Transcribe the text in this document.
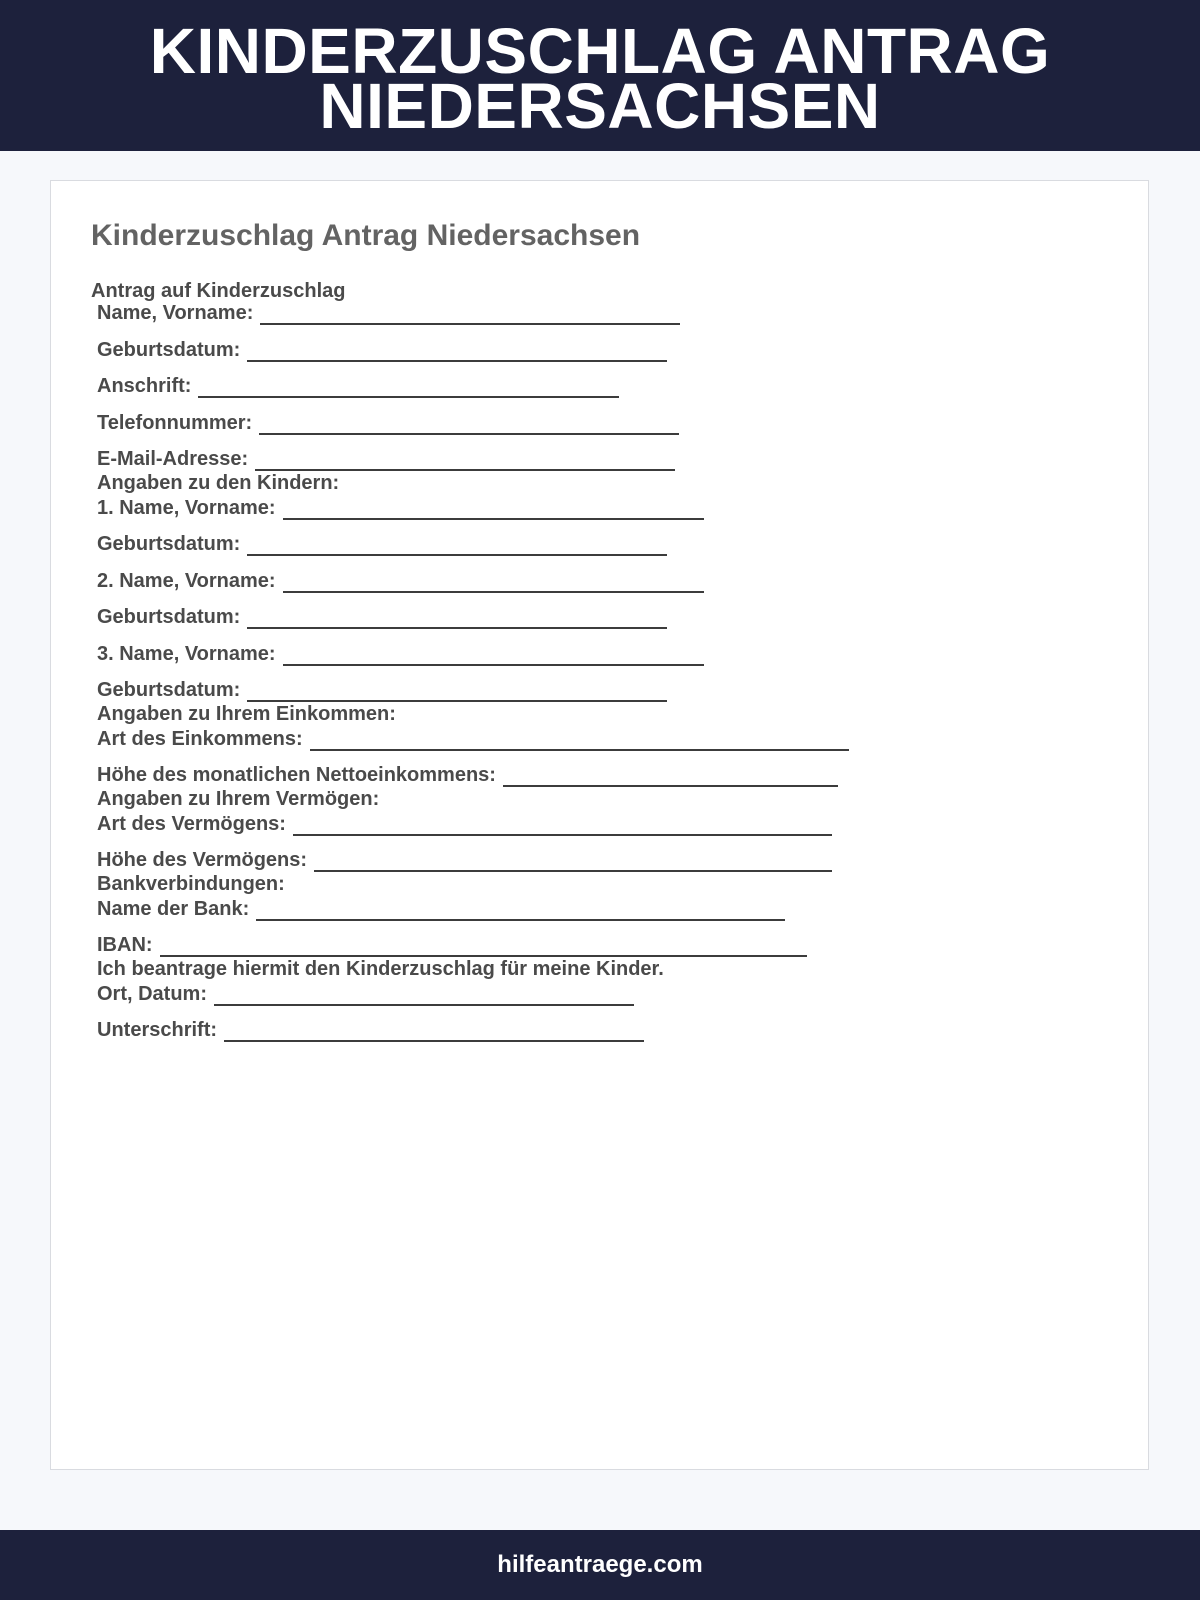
KINDERZUSCHLAG ANTRAG NIEDERSACHSEN
Kinderzuschlag Antrag Niedersachsen
Antrag auf Kinderzuschlag
Name, Vorname:
Geburtsdatum:
Anschrift:
Telefonnummer:
E-Mail-Adresse:
Angaben zu den Kindern:
1. Name, Vorname:
Geburtsdatum:
2. Name, Vorname:
Geburtsdatum:
3. Name, Vorname:
Geburtsdatum:
Angaben zu Ihrem Einkommen:
Art des Einkommens:
Höhe des monatlichen Nettoeinkommens:
Angaben zu Ihrem Vermögen:
Art des Vermögens:
Höhe des Vermögens:
Bankverbindungen:
Name der Bank:
IBAN:
Ich beantrage hiermit den Kinderzuschlag für meine Kinder.
Ort, Datum:
Unterschrift:
hilfeantraege.com
